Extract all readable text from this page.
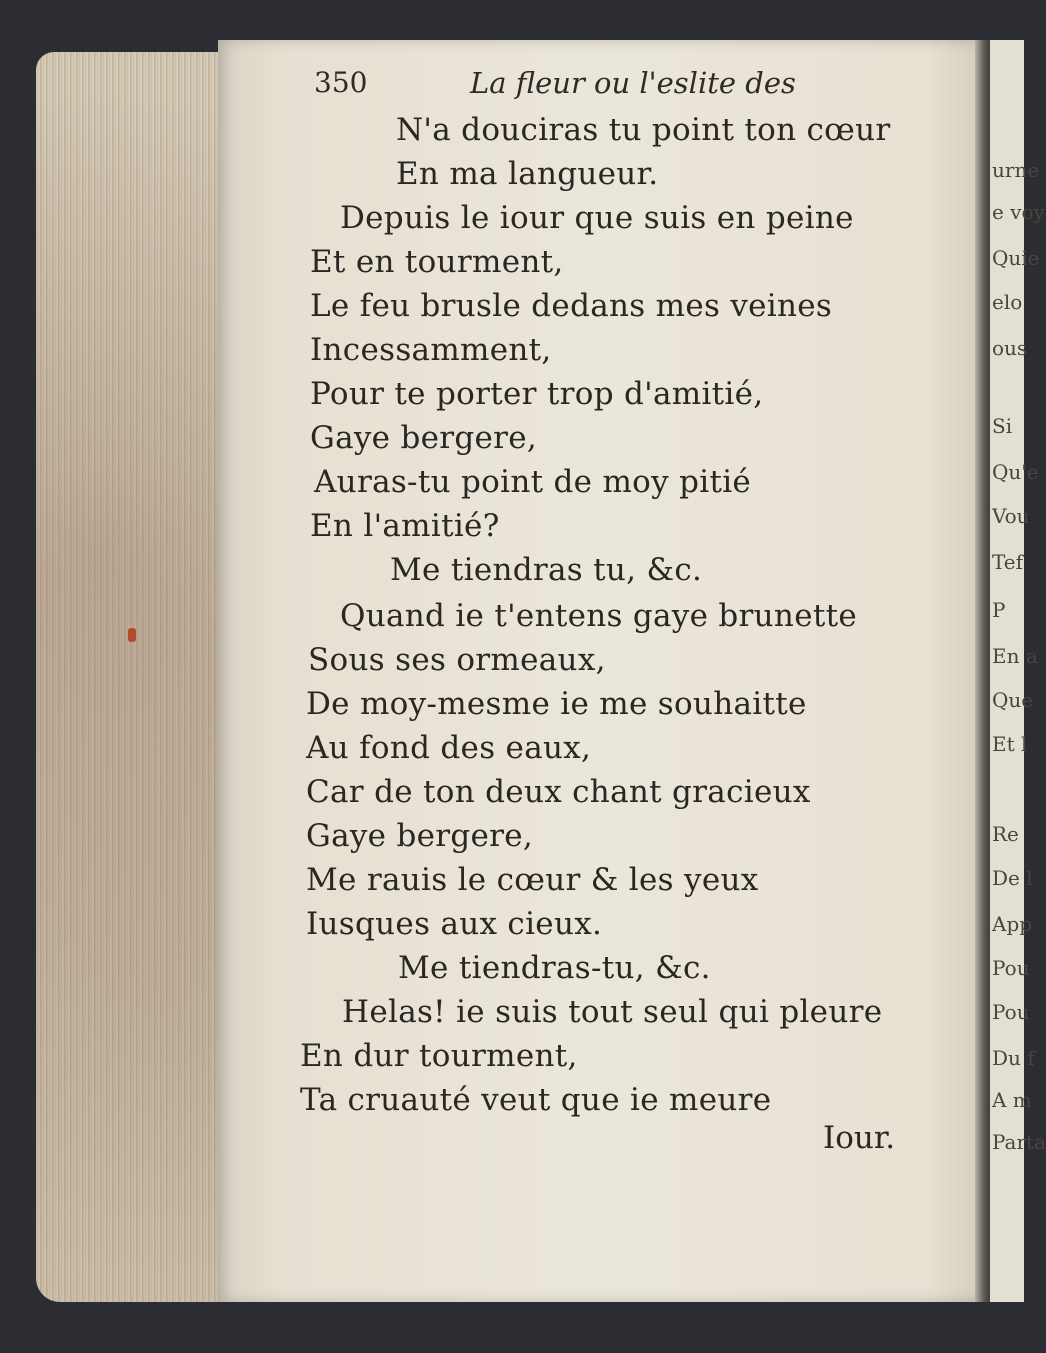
urne
e voy
Quie
elo
ous
Si
Qu'e
Vou
Tef
P
En a
Que
Et l
Re
De l
App
Pou
Pou
Du f
A m
Parta
350	La fleur ou l'eslite des
N'a douciras tu point ton cœur
En ma langueur.
Depuis le iour que suis en peine
Et en tourment,
Le feu brusle dedans mes veines
Incessamment,
Pour te porter trop d'amitié,
Gaye bergere,
Auras-tu point de moy pitié
En l'amitié?
Me tiendras tu, &c.
Quand ie t'entens gaye brunette
Sous ses ormeaux,
De moy-mesme ie me souhaitte
Au fond des eaux,
Car de ton deux chant gracieux
Gaye bergere,
Me rauis le cœur & les yeux
Iusques aux cieux.
Me tiendras-tu, &c.
Helas! ie suis tout seul qui pleure
En dur tourment,
Ta cruauté veut que ie meure
Iour.
